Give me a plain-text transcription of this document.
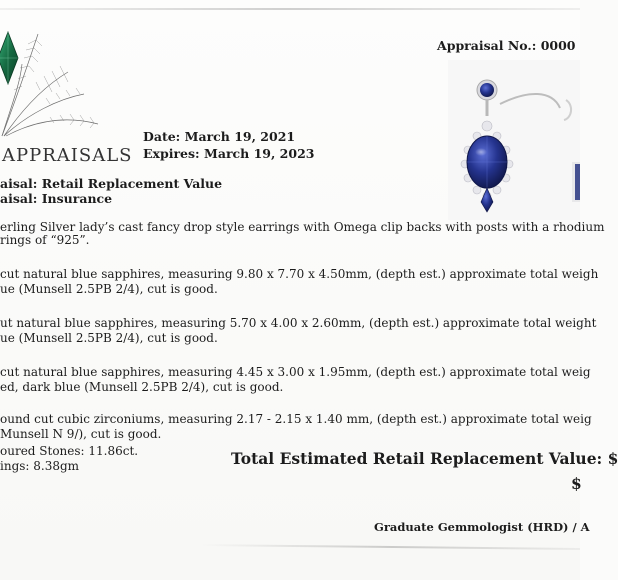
APPRAISALS
Appraisal No.: 0000
Date: March 19, 2021
Expires: March 19, 2023
aisal: Retail Replacement Value
aisal: Insurance
erling Silver lady’s cast fancy drop style earrings with Omega clip backs with posts with a rhodium
rings of “925”.
cut natural blue sapphires, measuring 9.80 x 7.70 x 4.50mm, (depth est.) approximate total weigh
ue (Munsell 2.5PB 2/4), cut is good.
ut natural blue sapphires, measuring 5.70 x 4.00 x 2.60mm, (depth est.) approximate total weight
ue (Munsell 2.5PB 2/4), cut is good.
cut natural blue sapphires, measuring 4.45 x 3.00 x 1.95mm, (depth est.) approximate total weig
ed, dark blue (Munsell 2.5PB 2/4), cut is good.
ound cut cubic zirconiums, measuring 2.17 - 2.15 x 1.40 mm, (depth est.) approximate total weig
Munsell N 9/), cut is good.
oured Stones: 11.86ct.
ings: 8.38gm	Total Estimated Retail Replacement Value: $
$
Graduate Gemmologist (HRD) / A
